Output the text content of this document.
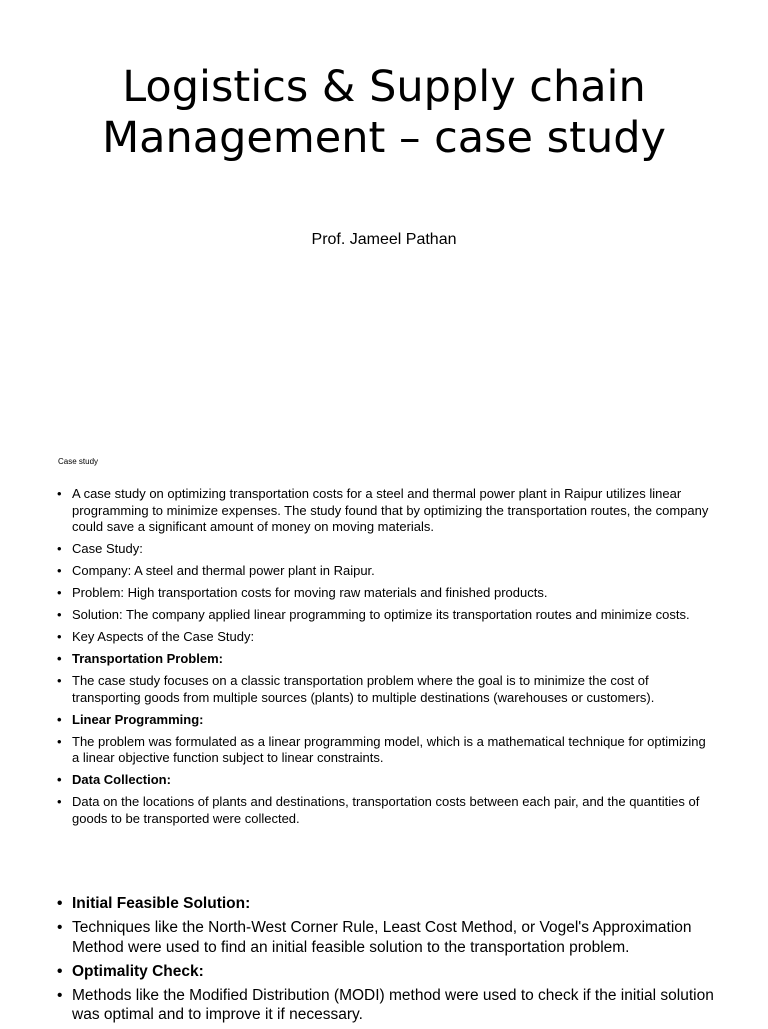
Logistics & Supply chain Management – case study
Prof. Jameel Pathan
Case study
• A case study on optimizing transportation costs for a steel and thermal power plant in Raipur utilizes linear programming to minimize expenses. The study found that by optimizing the transportation routes, the company could save a significant amount of money on moving materials.
• Case Study:
• Company: A steel and thermal power plant in Raipur.
• Problem: High transportation costs for moving raw materials and finished products.
• Solution: The company applied linear programming to optimize its transportation routes and minimize costs.
• Key Aspects of the Case Study:
• Transportation Problem:
• The case study focuses on a classic transportation problem where the goal is to minimize the cost of transporting goods from multiple sources (plants) to multiple destinations (warehouses or customers).
• Linear Programming:
• The problem was formulated as a linear programming model, which is a mathematical technique for optimizing a linear objective function subject to linear constraints.
• Data Collection:
• Data on the locations of plants and destinations, transportation costs between each pair, and the quantities of goods to be transported were collected.
• Initial Feasible Solution:
• Techniques like the North-West Corner Rule, Least Cost Method, or Vogel's Approximation Method were used to find an initial feasible solution to the transportation problem.
• Optimality Check:
• Methods like the Modified Distribution (MODI) method were used to check if the initial solution was optimal and to improve it if necessary.
